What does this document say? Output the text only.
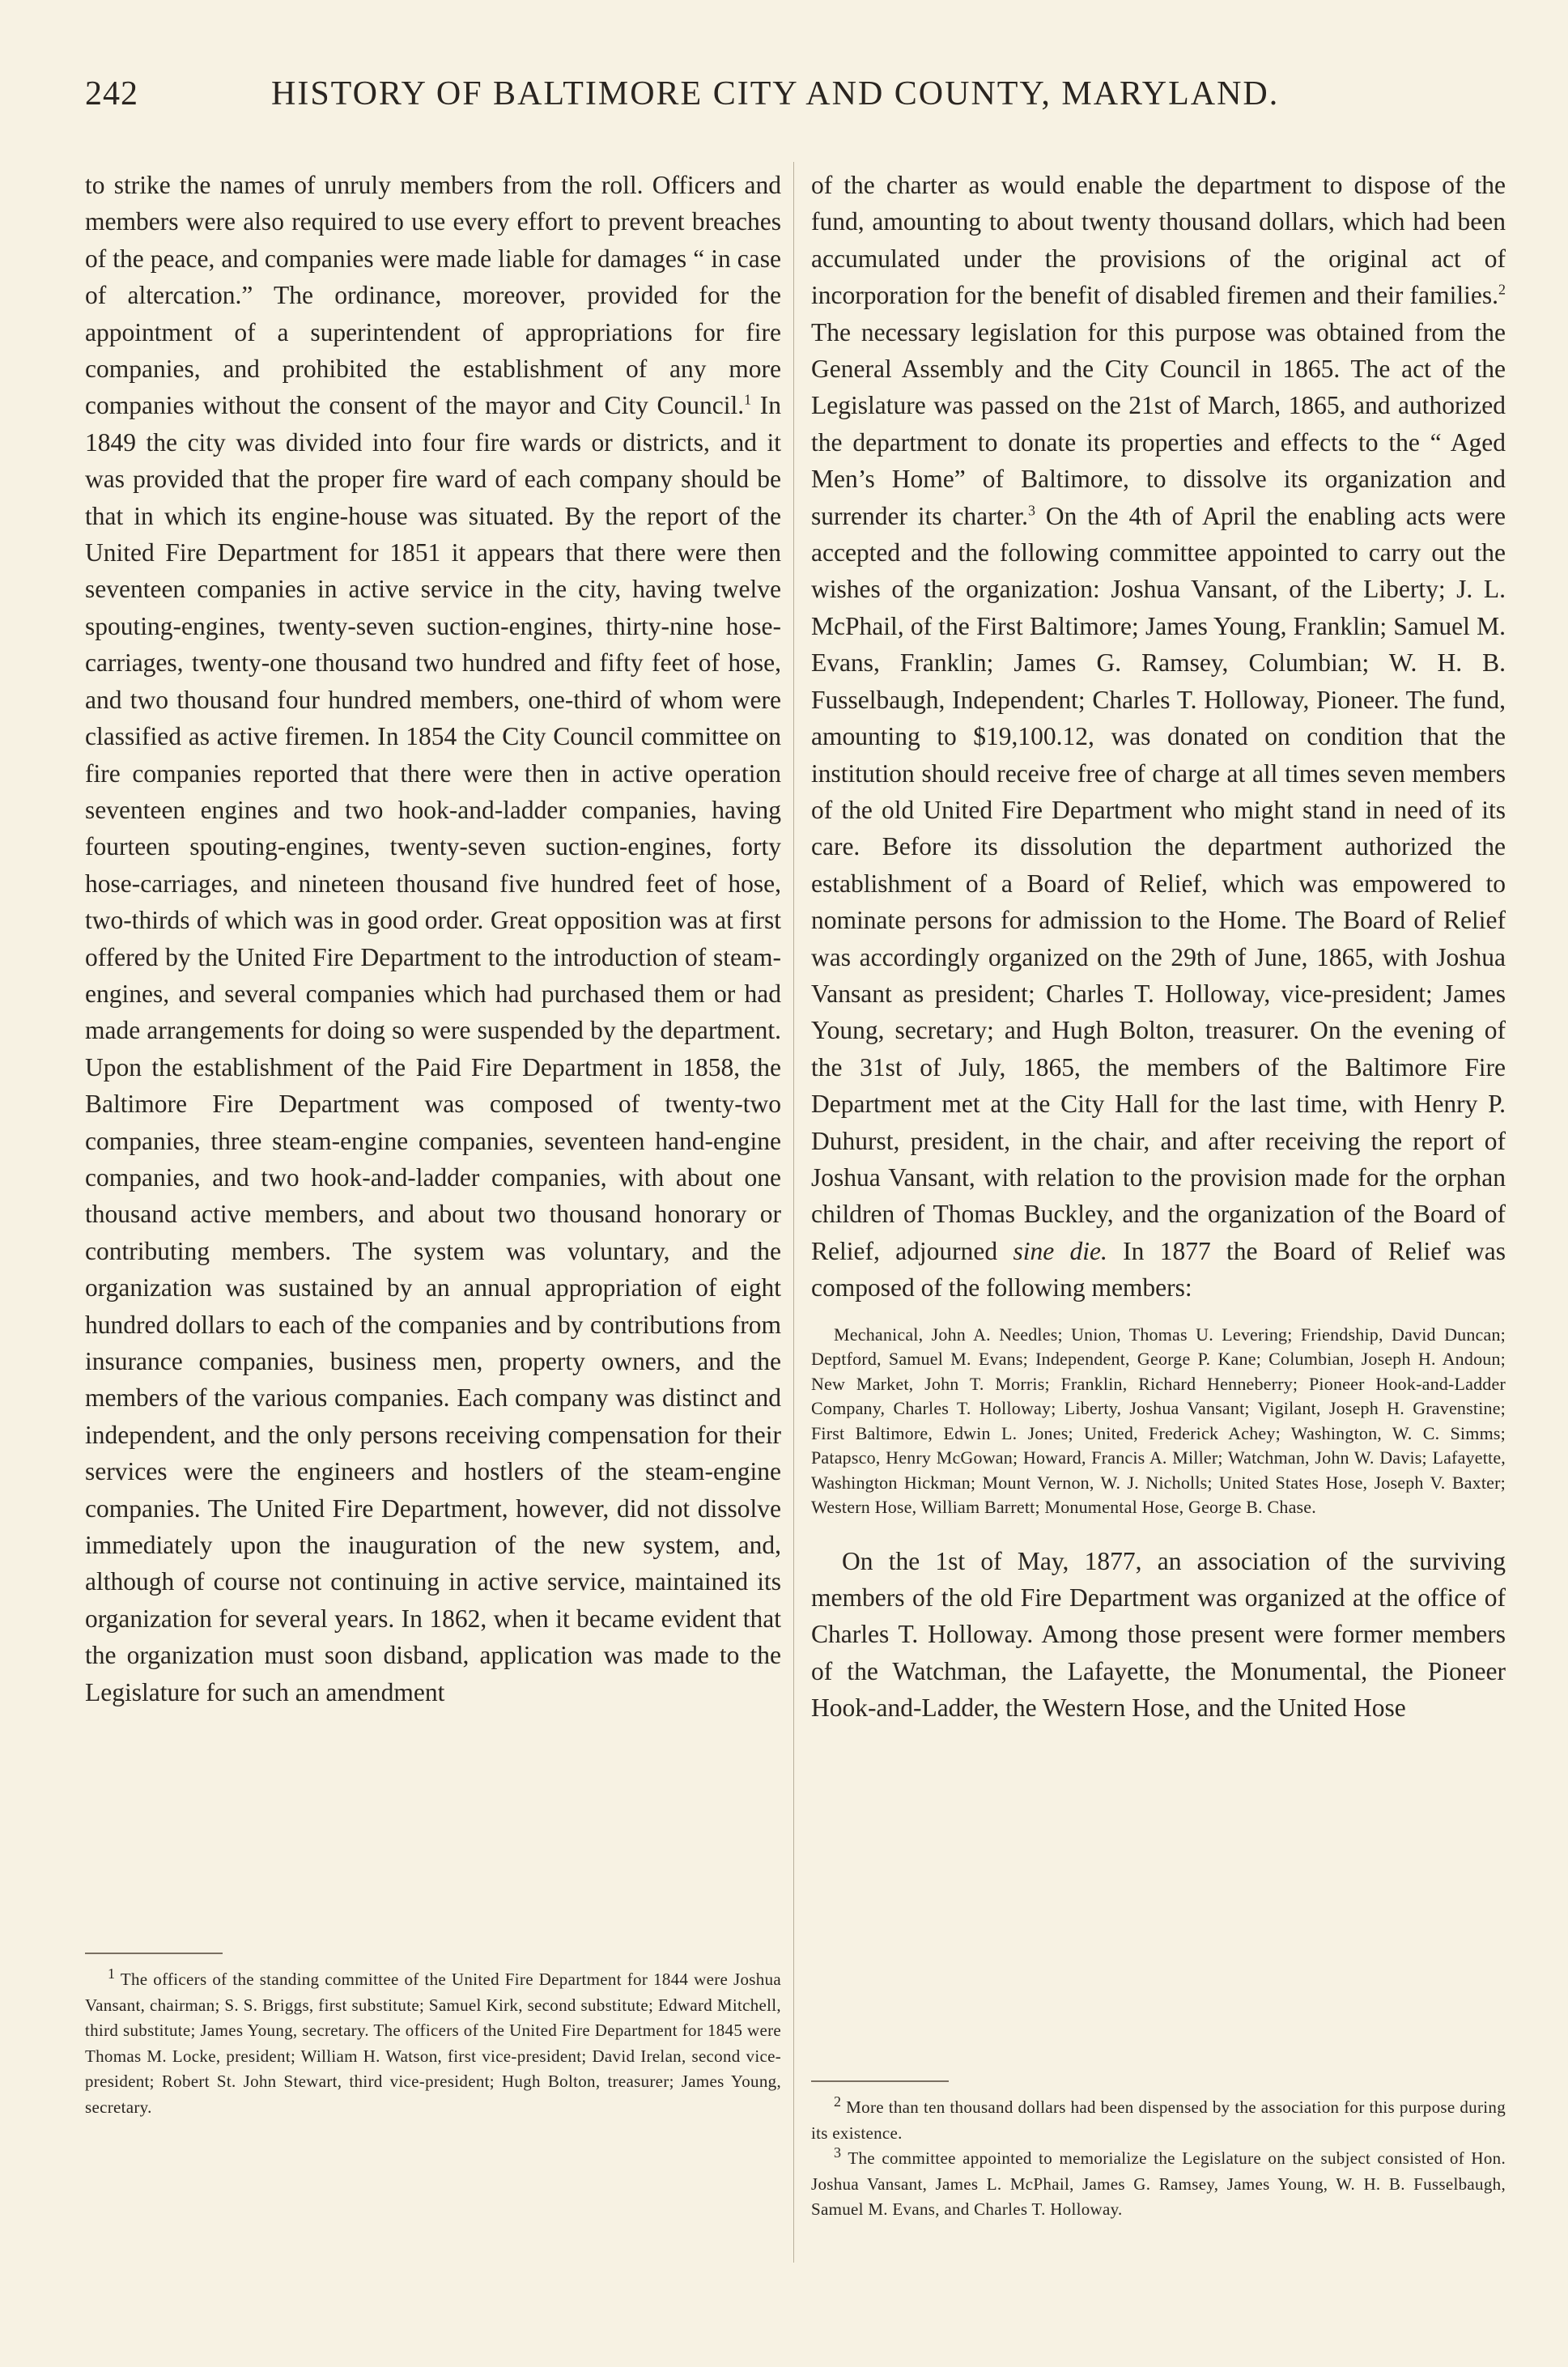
242	HISTORY OF BALTIMORE CITY AND COUNTY, MARYLAND.

to strike the names of unruly members from the roll. Officers and members were also required to use every effort to prevent breaches of the peace, and companies were made liable for damages “ in case of altercation.” The ordinance, moreover, provided for the appointment of a superintendent of appropriations for fire companies, and prohibited the establishment of any more companies without the consent of the mayor and City Council.$^1$ In 1849 the city was divided into four fire wards or districts, and it was provided that the proper fire ward of each company should be that in which its engine-house was situated. By the report of the United Fire Department for 1851 it appears that there were then seventeen companies in active service in the city, having twelve spouting-engines, twenty-seven suction-engines, thirty-nine hose-carriages, twenty-one thousand two hundred and fifty feet of hose, and two thousand four hundred members, one-third of whom were classified as active firemen. In 1854 the City Council committee on fire companies reported that there were then in active operation seventeen engines and two hook-and-ladder companies, having fourteen spouting-engines, twenty-seven suction-engines, forty hose-carriages, and nineteen thousand five hundred feet of hose, two-thirds of which was in good order. Great opposition was at first offered by the United Fire Department to the introduction of steam-engines, and several companies which had purchased them or had made arrangements for doing so were suspended by the department. Upon the establishment of the Paid Fire Department in 1858, the Baltimore Fire Department was composed of twenty-two companies, three steam-engine companies, seventeen hand-engine companies, and two hook-and-ladder companies, with about one thousand active members, and about two thousand honorary or contributing members. The system was voluntary, and the organization was sustained by an annual appropriation of eight hundred dollars to each of the companies and by contributions from insurance companies, business men, property owners, and the members of the various companies. Each company was distinct and independent, and the only persons receiving compensation for their services were the engineers and hostlers of the steam-engine companies. The United Fire Department, however, did not dissolve immediately upon the inauguration of the new system, and, although of course not continuing in active service, maintained its organization for several years. In 1862, when it became evident that the organization must soon disband, application was made to the Legislature for such an amendment

1 The officers of the standing committee of the United Fire Department for 1844 were Joshua Vansant, chairman; S. S. Briggs, first substitute; Samuel Kirk, second substitute; Edward Mitchell, third substitute; James Young, secretary. The officers of the United Fire Department for 1845 were Thomas M. Locke, president; William H. Watson, first vice-president; David Irelan, second vice-president; Robert St. John Stewart, third vice-president; Hugh Bolton, treasurer; James Young, secretary.

of the charter as would enable the department to dispose of the fund, amounting to about twenty thousand dollars, which had been accumulated under the provisions of the original act of incorporation for the benefit of disabled firemen and their families.$^2$ The necessary legislation for this purpose was obtained from the General Assembly and the City Council in 1865. The act of the Legislature was passed on the 21st of March, 1865, and authorized the department to donate its properties and effects to the “ Aged Men’s Home” of Baltimore, to dissolve its organization and surrender its charter.$^3$ On the 4th of April the enabling acts were accepted and the following committee appointed to carry out the wishes of the organization: Joshua Vansant, of the Liberty; J. L. McPhail, of the First Baltimore; James Young, Franklin; Samuel M. Evans, Franklin; James G. Ramsey, Columbian; W. H. B. Fusselbaugh, Independent; Charles T. Holloway, Pioneer. The fund, amounting to $19,100.12, was donated on condition that the institution should receive free of charge at all times seven members of the old United Fire Department who might stand in need of its care. Before its dissolution the department authorized the establishment of a Board of Relief, which was empowered to nominate persons for admission to the Home. The Board of Relief was accordingly organized on the 29th of June, 1865, with Joshua Vansant as president; Charles T. Holloway, vice-president; James Young, secretary; and Hugh Bolton, treasurer. On the evening of the 31st of July, 1865, the members of the Baltimore Fire Department met at the City Hall for the last time, with Henry P. Duhurst, president, in the chair, and after receiving the report of Joshua Vansant, with relation to the provision made for the orphan children of Thomas Buckley, and the organization of the Board of Relief, adjourned sine die. In 1877 the Board of Relief was composed of the following members:

Mechanical, John A. Needles; Union, Thomas U. Levering; Friendship, David Duncan; Deptford, Samuel M. Evans; Independent, George P. Kane; Columbian, Joseph H. Andoun; New Market, John T. Morris; Franklin, Richard Henneberry; Pioneer Hook-and-Ladder Company, Charles T. Holloway; Liberty, Joshua Vansant; Vigilant, Joseph H. Gravenstine; First Baltimore, Edwin L. Jones; United, Frederick Achey; Washington, W. C. Simms; Patapsco, Henry McGowan; Howard, Francis A. Miller; Watchman, John W. Davis; Lafayette, Washington Hickman; Mount Vernon, W. J. Nicholls; United States Hose, Joseph V. Baxter; Western Hose, William Barrett; Monumental Hose, George B. Chase.

On the 1st of May, 1877, an association of the surviving members of the old Fire Department was organized at the office of Charles T. Holloway. Among those present were former members of the Watchman, the Lafayette, the Monumental, the Pioneer Hook-and-Ladder, the Western Hose, and the United Hose

2 More than ten thousand dollars had been dispensed by the association for this purpose during its existence.

3 The committee appointed to memorialize the Legislature on the subject consisted of Hon. Joshua Vansant, James L. McPhail, James G. Ramsey, James Young, W. H. B. Fusselbaugh, Samuel M. Evans, and Charles T. Holloway.
